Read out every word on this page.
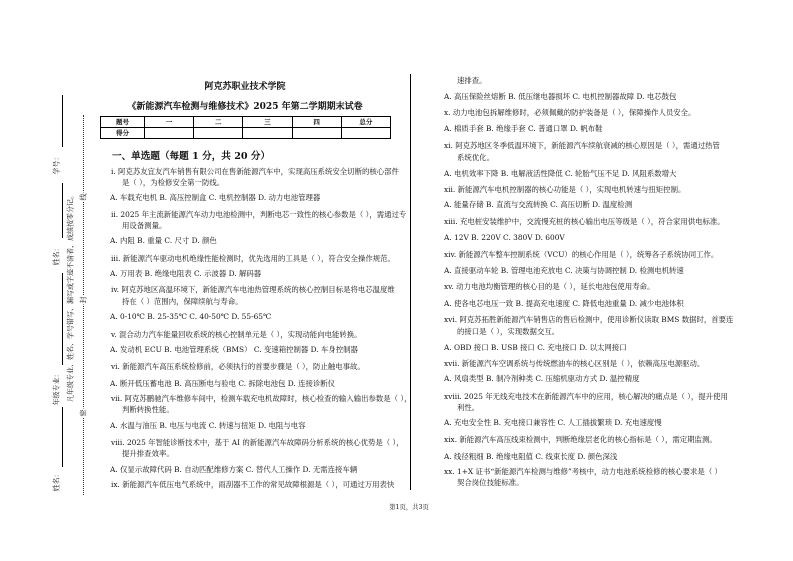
学号：
姓名：
年级专业：
姓名：
凡年级专业、姓名、学号错写、漏写或字迹不清者，成绩按零分记。
密
封
线
阿克苏职业技术学院
《新能源汽车检测与维修技术》2025 年第二学期期末试卷
题号	一	二	三	四	总分
得分					
一、单选题（每题 1 分，共 20 分）
i. 阿克苏友宜友汽车销售有限公司在售新能源汽车中，实现高压系统安全切断的核心部件
是（ ），为检修安全第一防线。
A. 车载充电机 B. 高压控制盒 C. 电机控制器 D. 动力电池管理器
ii. 2025 年主流新能源汽车动力电池检测中，判断电芯一致性的核心参数是（ ），需通过专
用设备测量。
A. 内阻 B. 重量 C. 尺寸 D. 颜色
iii. 新能源汽车驱动电机绝缘性能检测时，优先选用的工具是（ ），符合安全操作规范。
A. 万用表 B. 绝缘电阻表 C. 示波器 D. 解码器
iv. 阿克苏地区高温环境下，新能源汽车电池热管理系统的核心控制目标是将电芯温度维
持在（ ）范围内，保障续航与寿命。
A. 0-10℃ B. 25-35℃ C. 40-50℃ D. 55-65℃
v. 混合动力汽车能量回收系统的核心控制单元是（ ），实现动能向电能转换。
A. 发动机 ECU B. 电池管理系统（BMS） C. 变速箱控制器 D. 车身控制器
vi. 新能源汽车高压系统检修前，必须执行的首要步骤是（ ），防止触电事故。
A. 断开低压蓄电池 B. 高压断电与验电 C. 拆除电池包 D. 连接诊断仪
vii. 阿克苏鹏驰汽车维修车间中，检测车载充电机故障时，核心检查的输入输出参数是（ ），
判断转换性能。
A. 水温与油压 B. 电压与电流 C. 转速与扭矩 D. 电阻与电容
viii. 2025 年智能诊断技术中，基于 AI 的新能源汽车故障码分析系统的核心优势是（ ），
提升排查效率。
A. 仅显示故障代码 B. 自动匹配维修方案 C. 替代人工操作 D. 无需连接车辆
ix. 新能源汽车低压电气系统中，雨刮器不工作的常见故障根源是（ ），可通过万用表快
速排查。
A. 高压保险丝熔断 B. 低压继电器损坏 C. 电机控制器故障 D. 电芯鼓包
x. 动力电池包拆解维修时，必须佩戴的防护装备是（ ），保障操作人员安全。
A. 棉质手套 B. 绝缘手套 C. 普通口罩 D. 帆布鞋
xi. 阿克苏地区冬季低温环境下，新能源汽车续航衰减的核心原因是（ ），需通过热管
系统优化。
A. 电机效率下降 B. 电解液活性降低 C. 轮胎气压不足 D. 风阻系数增大
xii. 新能源汽车电机控制器的核心功能是（ ），实现电机转速与扭矩控制。
A. 能量存储 B. 直流与交流转换 C. 高压切断 D. 温度检测
xiii. 充电桩安装维护中，交流慢充桩的核心输出电压等级是（ ），符合家用供电标准。
A. 12V B. 220V C. 380V D. 600V
xiv. 新能源汽车整车控制系统（VCU）的核心作用是（ ），统筹各子系统协同工作。
A. 直接驱动车轮 B. 管理电池充放电 C. 决策与协调控制 D. 检测电机转速
xv. 动力电池均衡管理的核心目的是（ ），延长电池包使用寿命。
A. 使各电芯电压一致 B. 提高充电速度 C. 降低电池重量 D. 减少电池体积
xvi. 阿克苏拓胜新能源汽车销售店的售后检测中，使用诊断仪读取 BMS 数据时，首要连
的接口是（ ），实现数据交互。
A. OBD 接口 B. USB 接口 C. 充电接口 D. 以太网接口
xvii. 新能源汽车空调系统与传统燃油车的核心区别是（ ），依赖高压电源驱动。
A. 风扇类型 B. 制冷剂种类 C. 压缩机驱动方式 D. 温控精度
xviii. 2025 年无线充电技术在新能源汽车中的应用，核心解决的痛点是（ ），提升使用
利性。
A. 充电安全性 B. 充电接口兼容性 C. 人工插拔繁琐 D. 充电速度慢
xix. 新能源汽车高压线束检测中，判断绝缘层老化的核心指标是（ ），需定期监测。
A. 线径粗细 B. 绝缘电阻值 C. 线束长度 D. 颜色深浅
xx. 1+X 证书“新能源汽车检测与维修”考核中，动力电池系统检修的核心要求是（ ）
契合岗位技能标准。
第1页，共3页
